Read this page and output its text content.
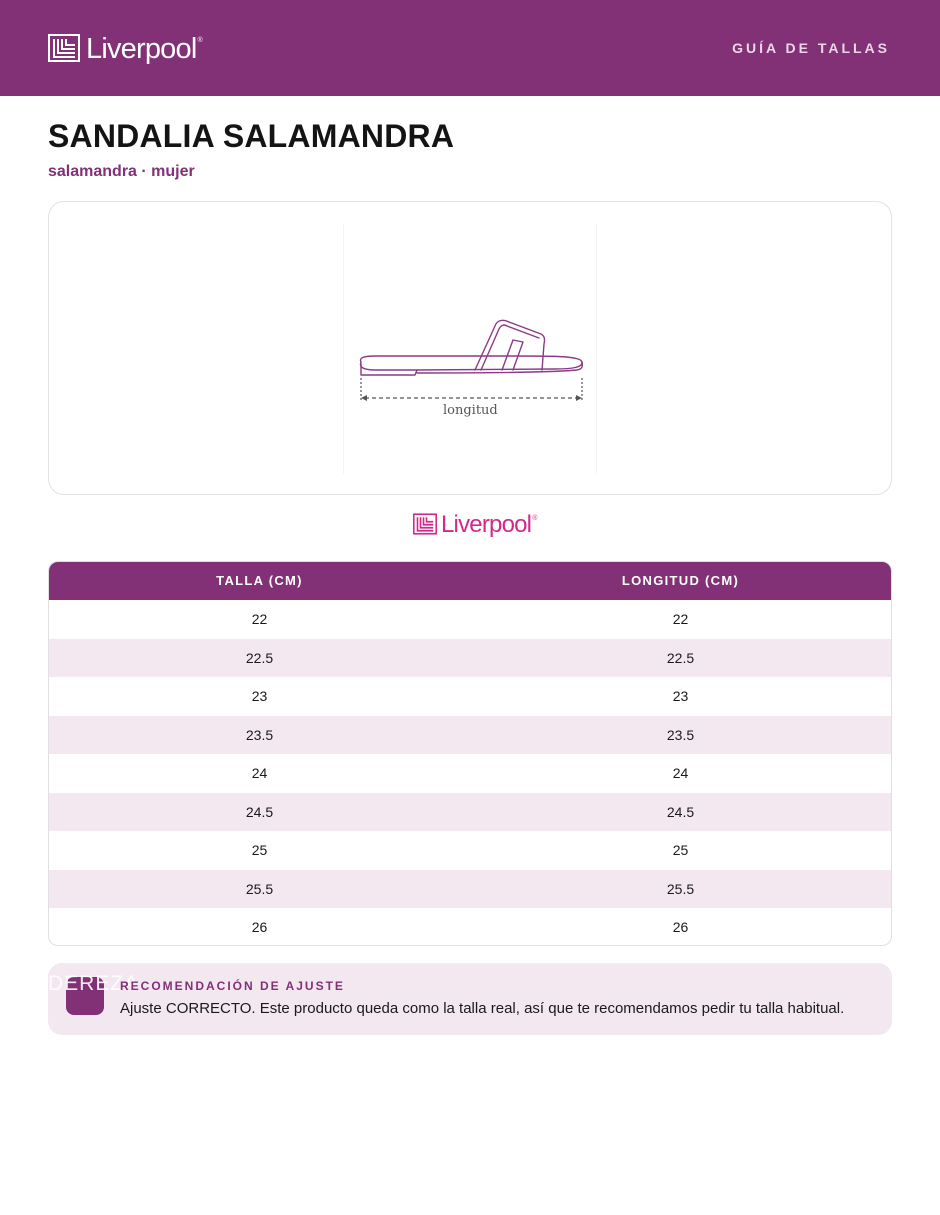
Liverpool®	GUÍA DE TALLAS
SANDALIA SALAMANDRA
salamandra · mujer
longitud
Liverpool®
TALLA (CM)	LONGITUD (CM)
22	22
22.5	22.5
23	23
23.5	23.5
24	24
24.5	24.5
25	25
25.5	25.5
26	26
DEREZA
RECOMENDACIÓN DE AJUSTE
Ajuste CORRECTO. Este producto queda como la talla real, así que te recomendamos pedir tu talla habitual.
